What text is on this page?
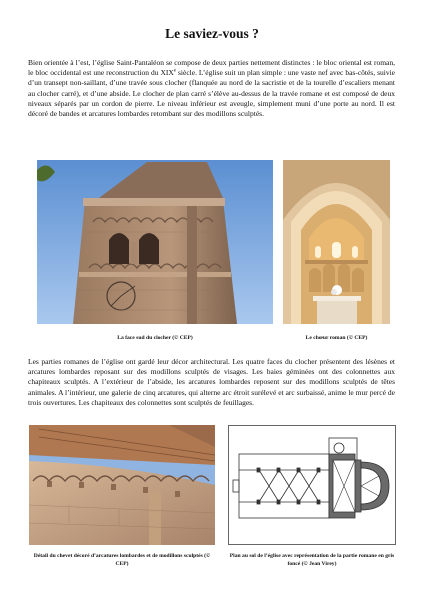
Le saviez-vous ?

Bien orientée à l’est, l’église Saint-Pantaléon se compose de deux parties nettement distinctes : le bloc oriental est roman, le bloc occidental est une reconstruction du XIXe siècle. L’église suit un plan simple : une vaste nef avec bas-côtés, suivie d’un transept non-saillant, d’une travée sous clocher (flanquée au nord de la sacristie et de la tourelle d’escaliers menant au clocher carré), et d’une abside. Le clocher de plan carré s’élève au-dessus de la travée romane et est composé de deux niveaux séparés par un cordon de pierre. Le niveau inférieur est aveugle, simplement muni d’une porte au nord. Il est décoré de bandes et arcatures lombardes retombant sur des modillons sculptés.

La face sud du clocher (© CEP)	Le chœur roman (© CEP)

Les parties romanes de l’église ont gardé leur décor architectural. Les quatre faces du clocher présentent des lésènes et arcatures lombardes reposant sur des modillons sculptés de visages. Les baies géminées ont des colonnettes aux chapiteaux sculptés. A l’extérieur de l’abside, les arcatures lombardes reposent sur des modillons sculptés de têtes animales. A l’intérieur, une galerie de cinq arcatures, qui alterne arc étroit surélevé et arc surbaissé, anime le mur percé de trois ouvertures. Les chapiteaux des colonnettes sont sculptés de feuillages.

Détail du chevet décoré d’arcatures lombardes et de modillons sculptés (© CEP)
Plan au sol de l’église avec représentation de la partie romane en gris foncé (© Jean Virey)
